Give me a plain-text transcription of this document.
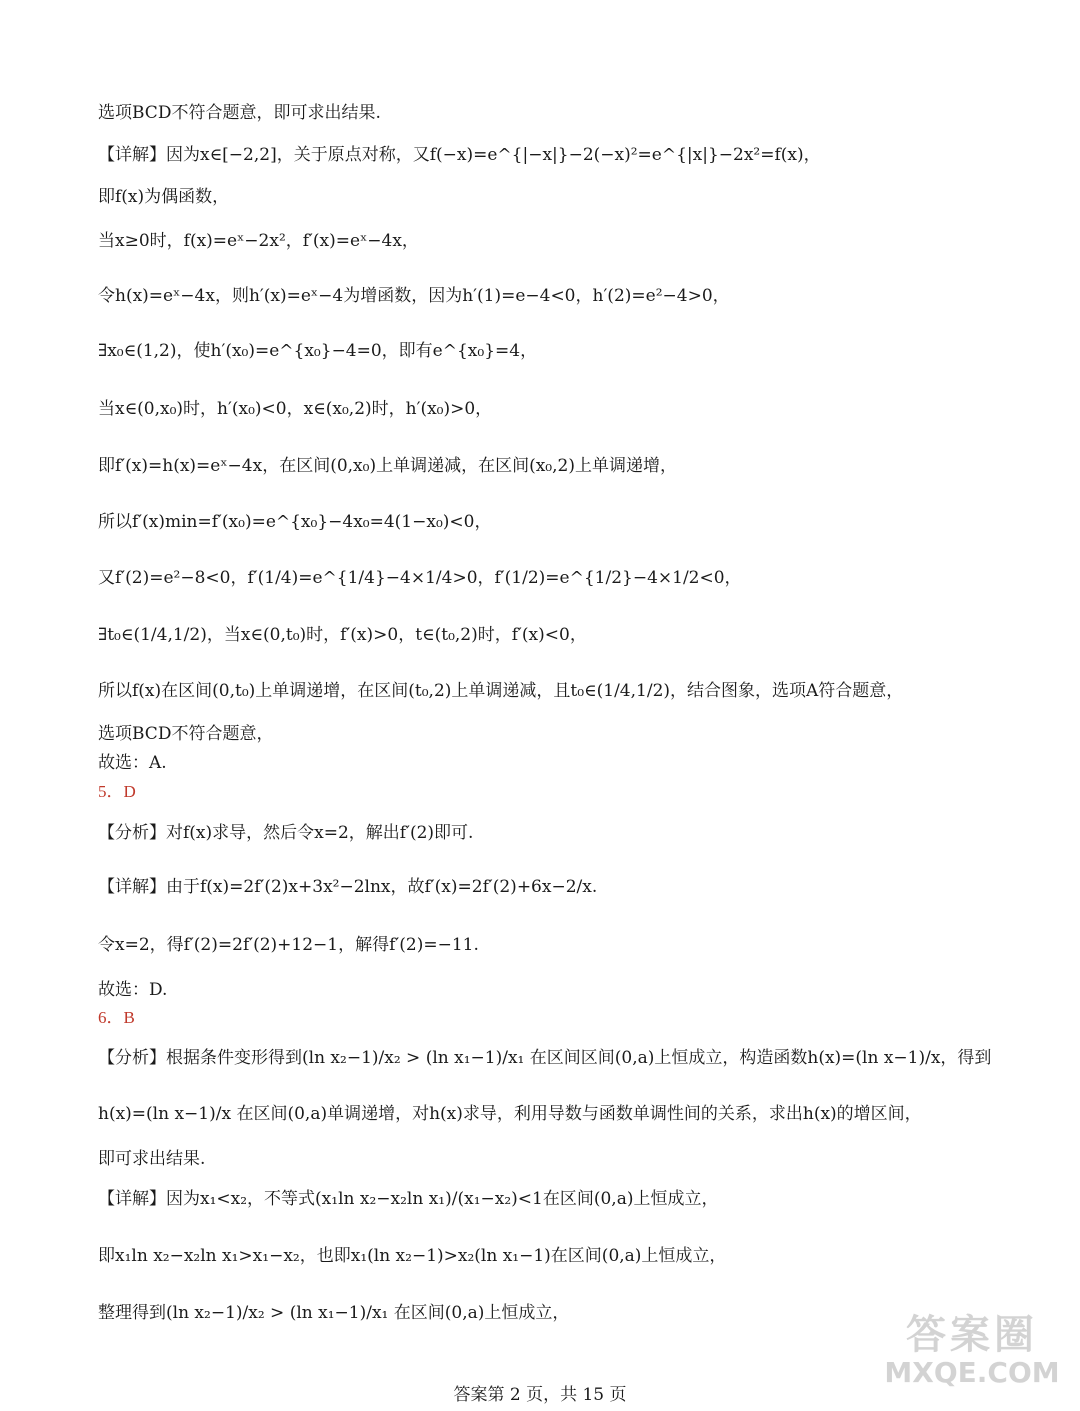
选项BCD不符合题意，即可求出结果.
【详解】因为x∈[−2,2]，关于原点对称，又f(−x)=e^{|−x|}−2(−x)²=e^{|x|}−2x²=f(x)，
即f(x)为偶函数，
当x≥0时，f(x)=eˣ−2x²，f′(x)=eˣ−4x，
令h(x)=eˣ−4x，则h′(x)=eˣ−4为增函数，因为h′(1)=e−4<0，h′(2)=e²−4>0，
∃x₀∈(1,2)，使h′(x₀)=e^{x₀}−4=0，即有e^{x₀}=4，
当x∈(0,x₀)时，h′(x₀)<0，x∈(x₀,2)时，h′(x₀)>0，
即f′(x)=h(x)=eˣ−4x，在区间(0,x₀)上单调递减，在区间(x₀,2)上单调递增，
所以f′(x)min=f′(x₀)=e^{x₀}−4x₀=4(1−x₀)<0，
又f′(2)=e²−8<0，f′(1/4)=e^{1/4}−4×1/4>0，f′(1/2)=e^{1/2}−4×1/2<0，
∃t₀∈(1/4,1/2)，当x∈(0,t₀)时，f′(x)>0，t∈(t₀,2)时，f′(x)<0，
所以f(x)在区间(0,t₀)上单调递增，在区间(t₀,2)上单调递减，且t₀∈(1/4,1/2)，结合图象，选项A符合题意，
选项BCD不符合题意，
故选：A.
5．D
【分析】对f(x)求导，然后令x=2，解出f′(2)即可.
【详解】由于f(x)=2f′(2)x+3x²−2lnx，故f′(x)=2f′(2)+6x−2/x.
令x=2，得f′(2)=2f′(2)+12−1，解得f′(2)=−11.
故选：D.
6．B
【分析】根据条件变形得到(ln x₂−1)/x₂ > (ln x₁−1)/x₁ 在区间区间(0,a)上恒成立，构造函数h(x)=(ln x−1)/x，得到
h(x)=(ln x−1)/x 在区间(0,a)单调递增，对h(x)求导，利用导数与函数单调性间的关系，求出h(x)的增区间，
即可求出结果.
【详解】因为x₁<x₂，不等式(x₁ln x₂−x₂ln x₁)/(x₁−x₂)<1在区间(0,a)上恒成立，
即x₁ln x₂−x₂ln x₁>x₁−x₂，也即x₁(ln x₂−1)>x₂(ln x₁−1)在区间(0,a)上恒成立，
整理得到(ln x₂−1)/x₂ > (ln x₁−1)/x₁ 在区间(0,a)上恒成立，
答案第 2 页，共 15 页
答案圈
MXQE.COM
